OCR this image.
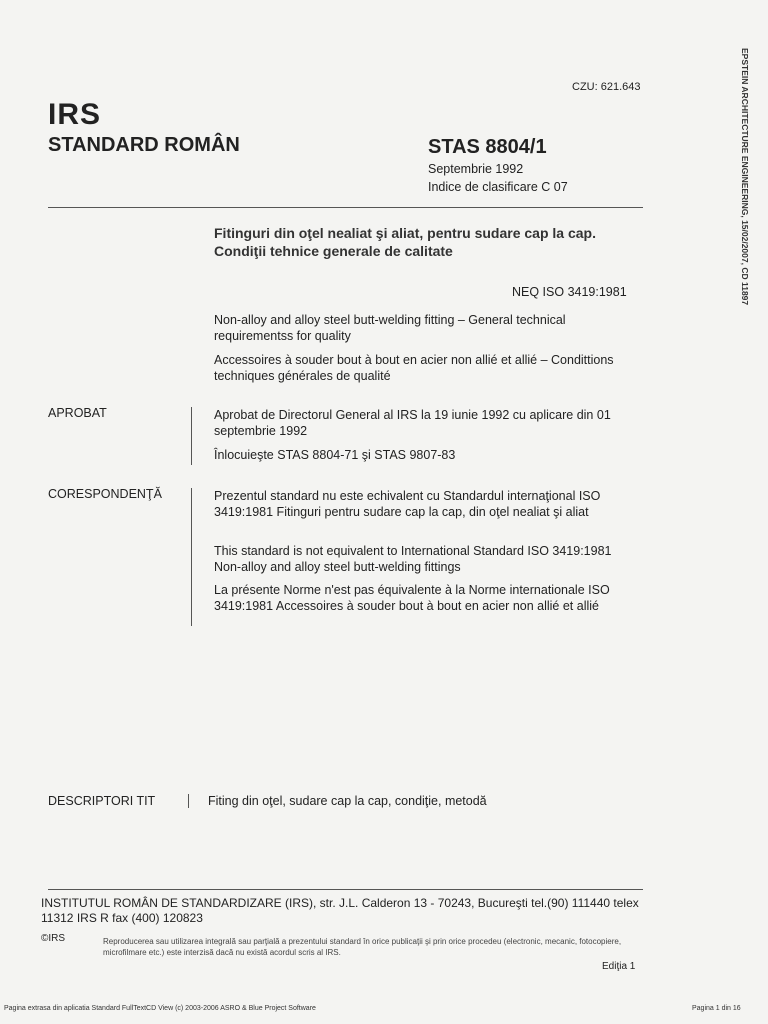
CZU: 621.643
IRS
STANDARD ROMÂN	STAS 8804/1
Septembrie 1992
Indice de clasificare C 07
Fitinguri din oţel nealiat şi aliat, pentru sudare cap la cap.
Condiţii tehnice generale de calitate
NEQ ISO 3419:1981
Non-alloy and alloy steel butt-welding fitting – General technical requirementss for quality
Accessoires à souder bout à bout en acier non allié et allié – Condittions techniques générales de qualité
APROBAT	Aprobat de Directorul General al IRS la 19 iunie 1992 cu aplicare din 01 septembrie 1992
Înlocuieşte STAS 8804-71 şi STAS 9807-83
CORESPONDENŢĂ	Prezentul standard nu este echivalent cu Standardul internaţional ISO 3419:1981 Fitinguri pentru sudare cap la cap, din oţel nealiat şi aliat
This standard is not equivalent to International Standard ISO 3419:1981 Non-alloy and alloy steel butt-welding fittings
La présente Norme n'est pas équivalente à la Norme internationale ISO 3419:1981 Accessoires à souder bout à bout en acier non allié et allié
DESCRIPTORI TIT	Fiting din oţel, sudare cap la cap, condiţie, metodă
INSTITUTUL ROMÂN DE STANDARDIZARE (IRS), str. J.L. Calderon 13 - 70243, Bucureşti tel.(90) 111440 telex 11312 IRS R fax (400) 120823
©IRS	Reproducerea sau utilizarea integrală sau parţială a prezentului standard în orice publicaţii şi prin orice procedeu (electronic, mecanic, fotocopiere, microfilmare etc.) este interzisă dacă nu există acordul scris al IRS.
Ediţia 1
EPSTEIN ARCHITECTURE ENGINEERING, 15/02/2007, CD 11897
Pagina extrasa din aplicatia Standard FullTextCD View (c) 2003-2006 ASRO & Blue Project Software	Pagina 1 din 16
